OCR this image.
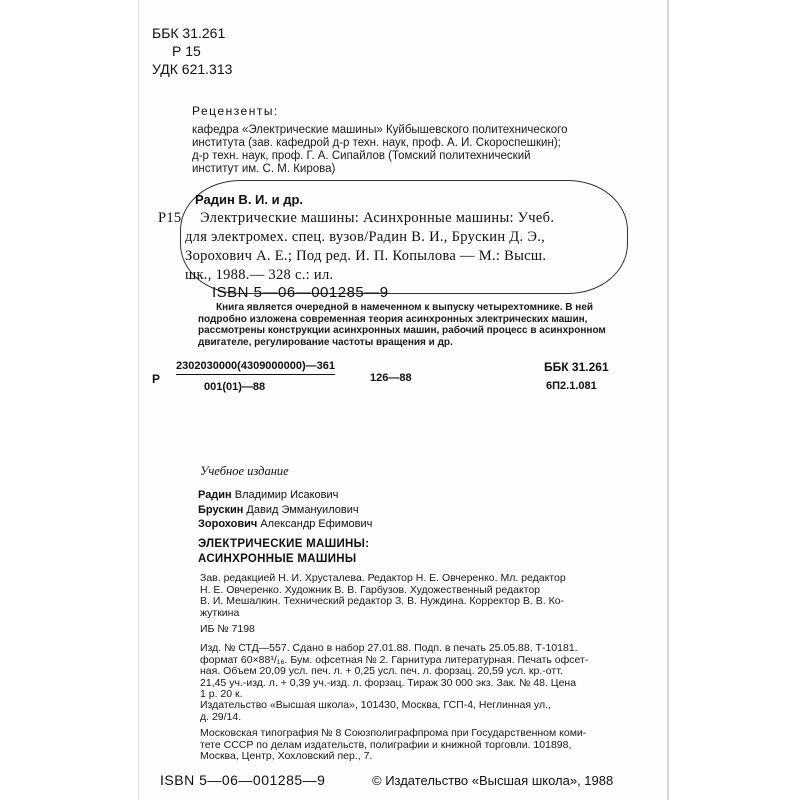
ББК 31.261
Р 15
УДК 621.313
Рецензенты:
кафедра «Электрические машины» Куйбышевского политехнического
института (зав. кафедрой д-р техн. наук, проф. А. И. Скороспешкин);
д-р техн. наук, проф. Г. А. Сипайлов (Томский политехнический
институт им. С. М. Кирова)
Радин В. И. и др.
Р15 Электрические машины: Асинхронные машины: Учеб.
для электромех. спец. вузов/Радин В. И., Брускин Д. Э.,
Зорохович А. Е.; Под ред. И. П. Копылова — М.: Высш.
шк., 1988.— 328 с.: ил.
ISBN 5—06—001285—9
Книга является очередной в намеченном к выпуску четырехтомнике. В ней
подробно изложена современная теория асинхронных электрических машин,
рассмотрены конструкции асинхронных машин, рабочий процесс в асинхронном
двигателе, регулирование частоты вращения и др.
Р
2302030000(4309000000)—361
001(01)—88
126—88
ББК 31.261
6П2.1.081
Учебное издание
Радин Владимир Исакович
Брускин Давид Эммануилович
Зорохович Александр Ефимович
ЭЛЕКТРИЧЕСКИЕ МАШИНЫ:
АСИНХРОННЫЕ МАШИНЫ
Зав. редакцией Н. И. Хрусталева. Редактор Н. Е. Овчеренко. Мл. редактор
Н. Е. Овчеренко. Художник В. В. Гарбузов. Художественный редактор
В. И. Мешалкин. Технический редактор З. В. Нуждина. Корректор В. В. Ко-
жуткина
ИБ № 7198
Изд. № СТД—557. Сдано в набор 27.01.88. Подп. в печать 25.05.88. Т-10181.
формат 60×88¹/₁₆. Бум. офсетная № 2. Гарнитура литературная. Печать офсет-
ная. Объем 20,09 усл. печ. л. + 0,25 усл. печ. л. форзац. 20,59 усл. кр.-отт.
21,45 уч.-изд. л. + 0,39 уч.-изд. л. форзац. Тираж 30 000 экз. Зак. № 48. Цена
1 р. 20 к.
Издательство «Высшая школа», 101430, Москва, ГСП-4, Неглинная ул.,
д. 29/14.
Московская типография № 8 Союзполиграфпрома при Государственном коми-
тете СССР по делам издательств, полиграфии и книжной торговли. 101898,
Москва, Центр, Хохловский пер., 7.
ISBN 5—06—001285—9	© Издательство «Высшая школа», 1988
